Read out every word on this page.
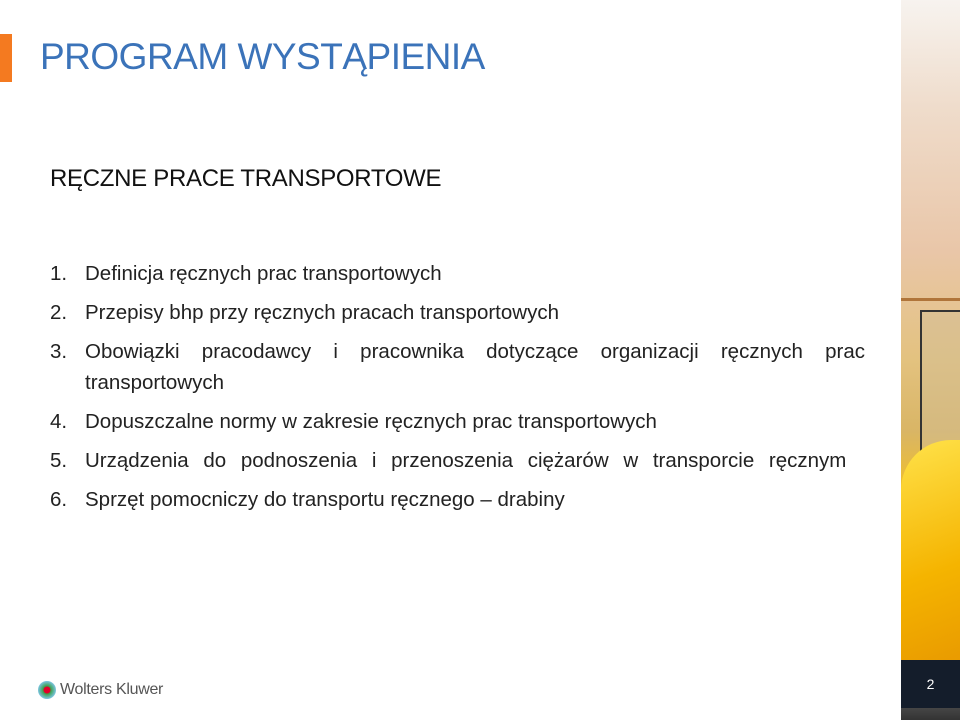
PROGRAM WYSTĄPIENIA
RĘCZNE PRACE TRANSPORTOWE
1. Definicja ręcznych prac transportowych
2. Przepisy bhp przy ręcznych pracach transportowych
3. Obowiązki pracodawcy i pracownika dotyczące organizacji ręcznych prac transportowych
4. Dopuszczalne normy w zakresie ręcznych prac transportowych
5. Urządzenia do podnoszenia i przenoszenia ciężarów w transporcie ręcznym
6. Sprzęt pomocniczy do transportu ręcznego – drabiny
2
Wolters Kluwer
